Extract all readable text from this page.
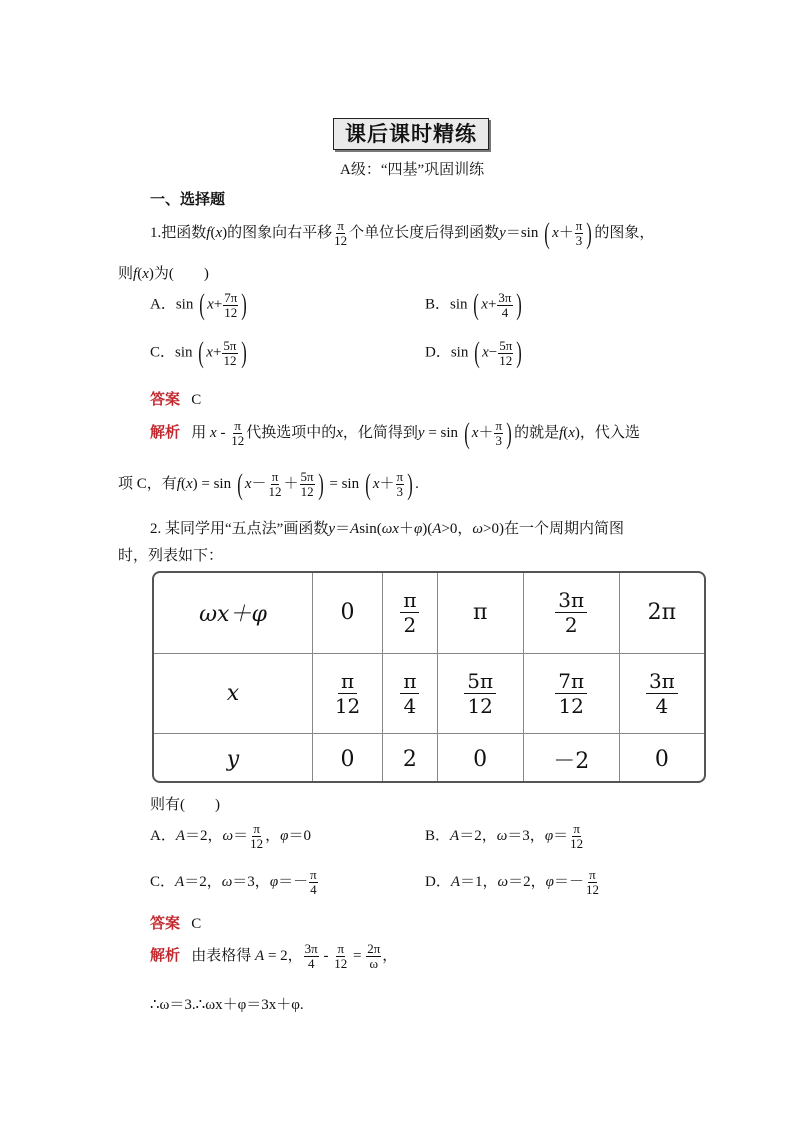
课后课时精练
A级：“四基”巩固训练
一、选择题
1.把函数f(x)的图象向右平移 $\frac{\pi}{12}$ 个单位长度后得到函数y＝sin ( $x+ \frac{\pi}{3}$ ) 的图象，
则f(x)为(　　)
A．sin ( $x+ \frac{7\pi}{12}$ )	B．sin ( $x+ \frac{3\pi}{4}$ )
C．sin ( $x+ \frac{5\pi}{12}$ )	D．sin ( $x- \frac{5\pi}{12}$ )
答案 C
解析 用 x - $\frac{\pi}{12}$ 代换选项中的x，化简得到y = sin ( $x+ \frac{\pi}{3}$ ) 的就是f(x)，代入选
项 C，有f(x) = sin ( $x- \frac{\pi}{12} + \frac{5\pi}{12}$ ) = sin ( $x+ \frac{\pi}{3}$ ) .
2. 某同学用“五点法”画函数y＝Asin(ωx＋φ)(A>0，ω>0)在一个周期内简图
时，列表如下：
ωx＋φ	0	$\frac{\pi}{2}$	π	$\frac{3\pi}{2}$	2π
x	$\frac{\pi}{12}$	$\frac{\pi}{4}$	$\frac{5\pi}{12}$	$\frac{7\pi}{12}$	$\frac{3\pi}{4}$

y	0	2	0	－2	0
则有(　　)
A．A＝2，$\omega= \frac{\pi}{12}$ ，φ＝0	B．A＝2，ω＝3，$\varphi= \frac{\pi}{12}$
C．A＝2，ω＝3，$\varphi=- \frac{\pi}{4}$	D．A＝1，ω＝2，$\varphi=- \frac{\pi}{12}$
答案 C
解析 由表格得 A = 2， $\frac{3\pi}{4} - \frac{\pi}{12} = \frac{2\pi}{\omega}$ ，
∴ω＝3.∴ωx＋φ＝3x＋φ.
